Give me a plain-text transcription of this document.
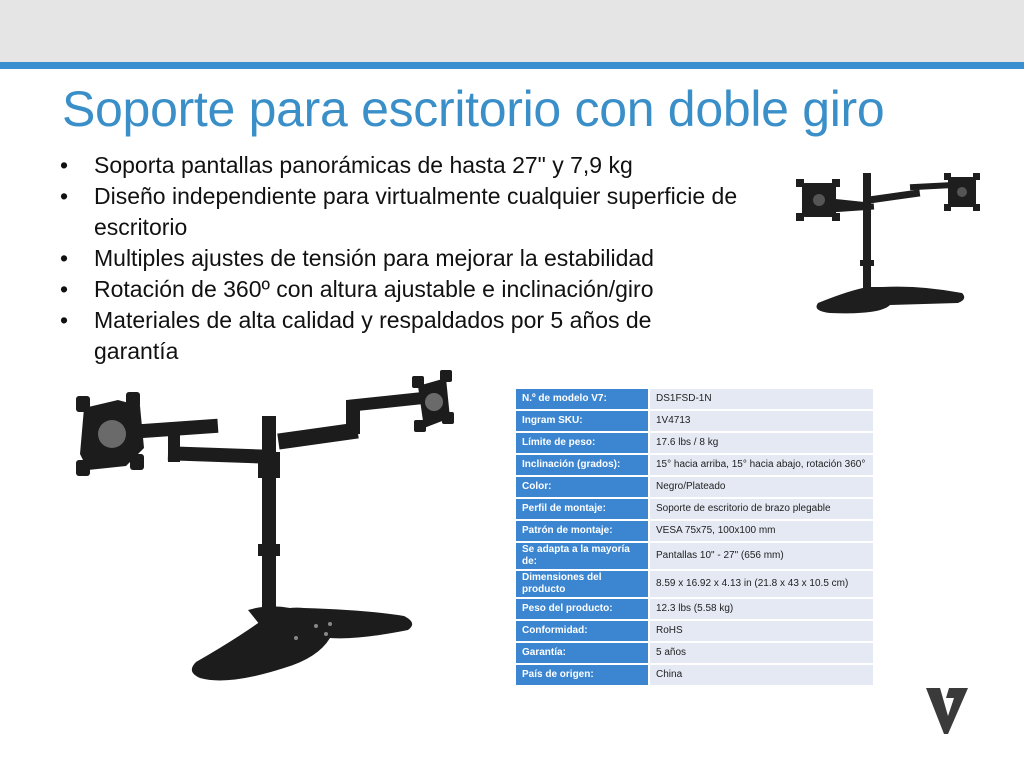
Soporte para escritorio con doble giro
• Soporta pantallas panorámicas de hasta 27" y 7,9 kg
• Diseño independiente para virtualmente cualquier superficie de escritorio
• Multiples ajustes de tensión para mejorar la estabilidad
• Rotación de 360º con altura ajustable e inclinación/giro
• Materiales de alta calidad y respaldados por 5 años de garantía
N.º de modelo V7:		DS1FSD-1N
Ingram SKU:		1V4713
Límite de peso:		17.6 lbs / 8 kg
Inclinación (grados):		15° hacia arriba, 15° hacia abajo, rotación 360°
Color:		Negro/Plateado
Perfil de montaje:		Soporte de escritorio de brazo plegable
Patrón de montaje:		VESA 75x75, 100x100 mm
Se adapta a la mayoría de:		Pantallas 10" - 27" (656 mm)
Dimensiones del producto		8.59 x 16.92 x 4.13 in (21.8 x 43 x 10.5 cm)
Peso del producto:		12.3 lbs (5.58 kg)
Conformidad:		RoHS
Garantía:		5 años
País de origen:		China
